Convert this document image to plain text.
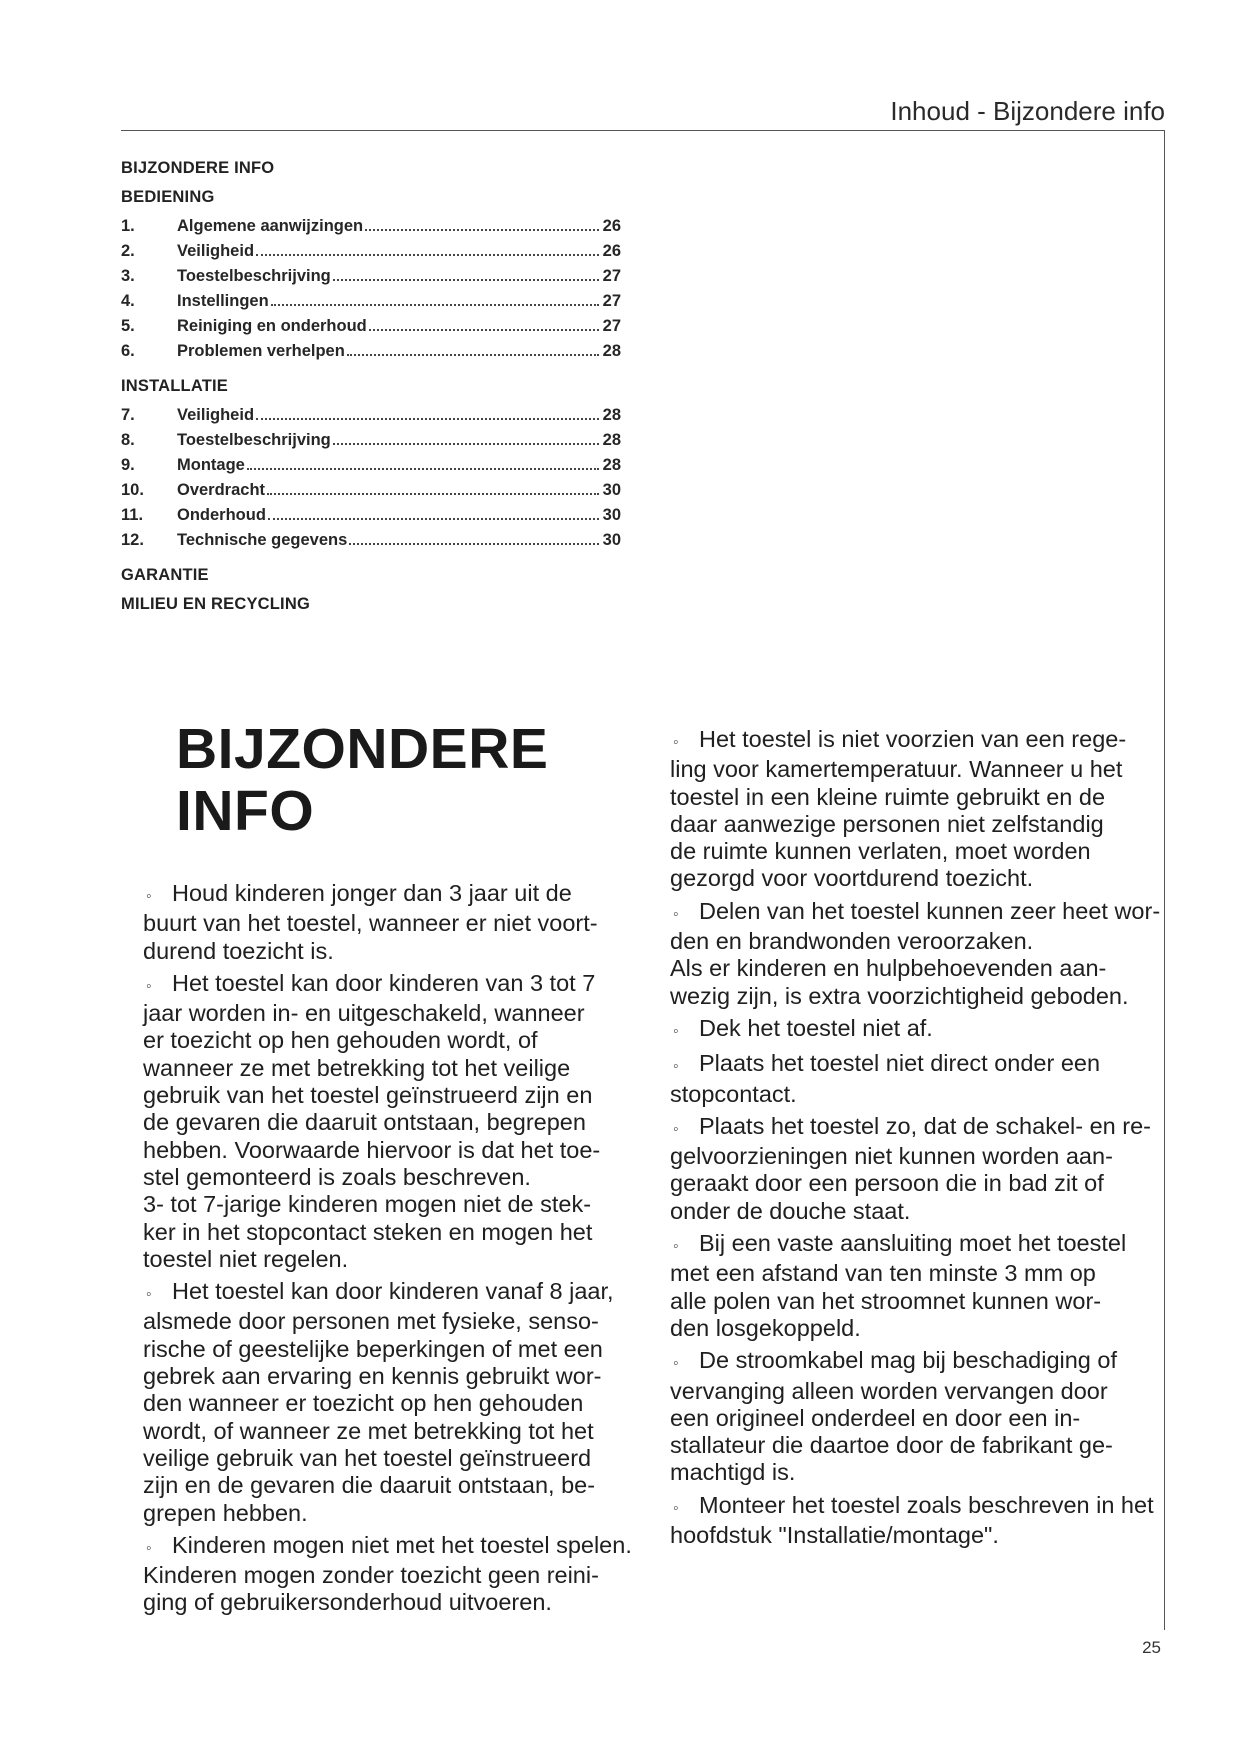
Inhoud - Bijzondere info
BIJZONDERE INFO
BEDIENING
1.	Algemene aanwijzingen	26
2.	Veiligheid	26
3.	Toestelbeschrijving	27
4.	Instellingen	27
5.	Reiniging en onderhoud	27
6.	Problemen verhelpen	28
INSTALLATIE
7.	Veiligheid	28
8.	Toestelbeschrijving	28
9.	Montage	28
10.	Overdracht	30
11.	Onderhoud	30
12.	Technische gegevens	30
GARANTIE
MILIEU EN RECYCLING
BIJZONDERE
INFO
◦ Houd kinderen jonger dan 3 jaar uit de
buurt van het toestel, wanneer er niet voort-
durend toezicht is.
◦ Het toestel kan door kinderen van 3 tot 7
jaar worden in- en uitgeschakeld, wanneer
er toezicht op hen gehouden wordt, of
wanneer ze met betrekking tot het veilige
gebruik van het toestel geïnstrueerd zijn en
de gevaren die daaruit ontstaan, begrepen
hebben. Voorwaarde hiervoor is dat het toe-
stel gemonteerd is zoals beschreven.
3- tot 7-jarige kinderen mogen niet de stek-
ker in het stopcontact steken en mogen het
toestel niet regelen.
◦ Het toestel kan door kinderen vanaf 8 jaar,
alsmede door personen met fysieke, senso-
rische of geestelijke beperkingen of met een
gebrek aan ervaring en kennis gebruikt wor-
den wanneer er toezicht op hen gehouden
wordt, of wanneer ze met betrekking tot het
veilige gebruik van het toestel geïnstrueerd
zijn en de gevaren die daaruit ontstaan, be-
grepen hebben.
◦ Kinderen mogen niet met het toestel spelen.
Kinderen mogen zonder toezicht geen reini-
ging of gebruikersonderhoud uitvoeren.
◦ Het toestel is niet voorzien van een rege-
ling voor kamertemperatuur. Wanneer u het
toestel in een kleine ruimte gebruikt en de
daar aanwezige personen niet zelfstandig
de ruimte kunnen verlaten, moet worden
gezorgd voor voortdurend toezicht.
◦ Delen van het toestel kunnen zeer heet wor-
den en brandwonden veroorzaken.
Als er kinderen en hulpbehoevenden aan-
wezig zijn, is extra voorzichtigheid geboden.
◦ Dek het toestel niet af.
◦ Plaats het toestel niet direct onder een
stopcontact.
◦ Plaats het toestel zo, dat de schakel- en re-
gelvoorzieningen niet kunnen worden aan-
geraakt door een persoon die in bad zit of
onder de douche staat.
◦ Bij een vaste aansluiting moet het toestel
met een afstand van ten minste 3 mm op
alle polen van het stroomnet kunnen wor-
den losgekoppeld.
◦ De stroomkabel mag bij beschadiging of
vervanging alleen worden vervangen door
een origineel onderdeel en door een in-
stallateur die daartoe door de fabrikant ge-
machtigd is.
◦ Monteer het toestel zoals beschreven in het
hoofdstuk "Installatie/montage".
25
